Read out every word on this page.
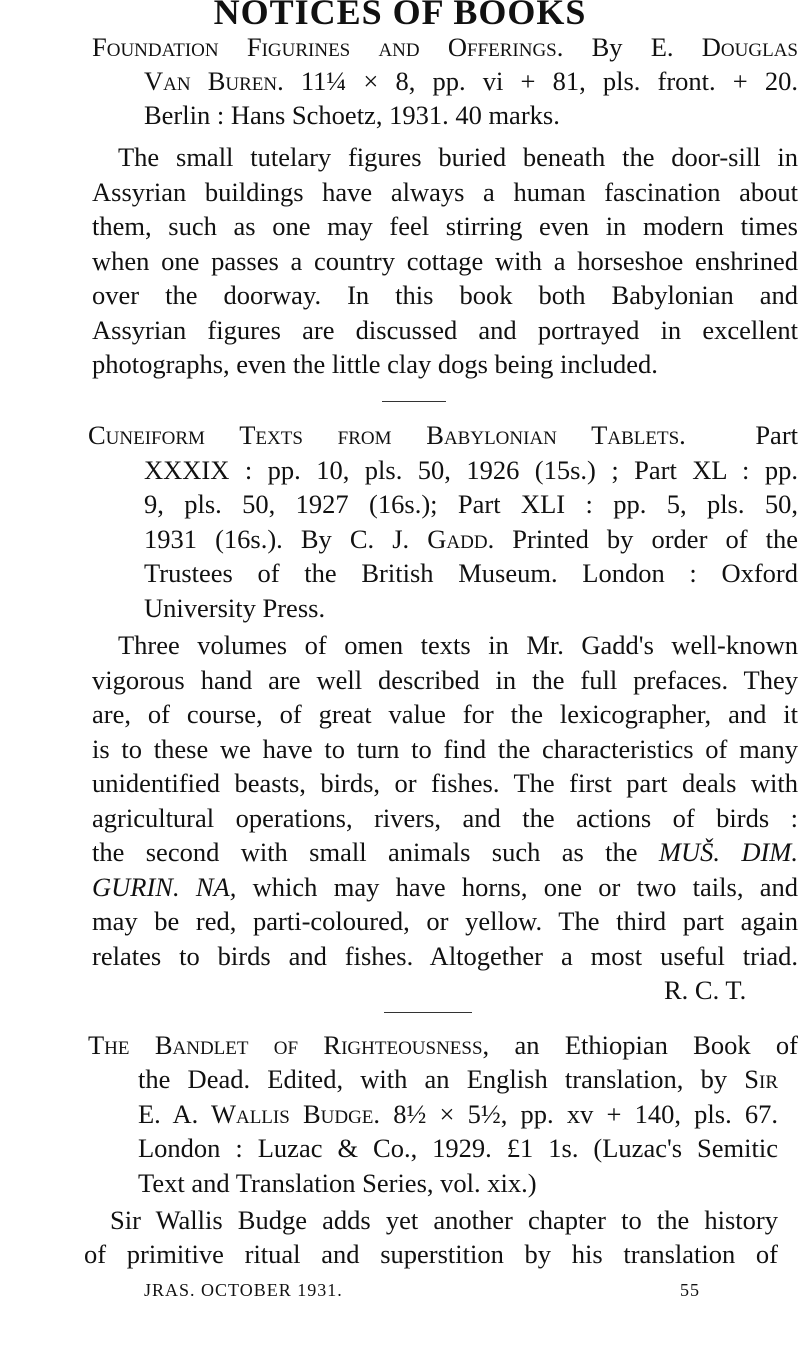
NOTICES OF BOOKS
Foundation Figurines and Offerings. By E. Douglas
Van Buren. 11¼ × 8, pp. vi + 81, pls. front. + 20.
Berlin : Hans Schoetz, 1931. 40 marks.
The small tutelary figures buried beneath the door-sill in
Assyrian buildings have always a human fascination about
them, such as one may feel stirring even in modern times
when one passes a country cottage with a horseshoe enshrined
over the doorway. In this book both Babylonian and
Assyrian figures are discussed and portrayed in excellent
photographs, even the little clay dogs being included.
Cuneiform Texts from Babylonian Tablets.	Part
XXXIX : pp. 10, pls. 50, 1926 (15s.) ; Part XL : pp.
9, pls. 50, 1927 (16s.); Part XLI : pp. 5, pls. 50,
1931 (16s.). By C. J. Gadd. Printed by order of the
Trustees of the British Museum. London : Oxford
University Press.
Three volumes of omen texts in Mr. Gadd's well-known
vigorous hand are well described in the full prefaces. They
are, of course, of great value for the lexicographer, and it
is to these we have to turn to find the characteristics of many
unidentified beasts, birds, or fishes. The first part deals with
agricultural operations, rivers, and the actions of birds :
the second with small animals such as the MUŠ. DIM.
GURIN. NA, which may have horns, one or two tails, and
may be red, parti-coloured, or yellow. The third part again
relates to birds and fishes. Altogether a most useful triad.
R. C. T.
The Bandlet of Righteousness, an Ethiopian Book of
the Dead. Edited, with an English translation, by Sir
E. A. Wallis Budge. 8½ × 5½, pp. xv + 140, pls. 67.
London : Luzac & Co., 1929. £1 1s. (Luzac's Semitic
Text and Translation Series, vol. xix.)
Sir Wallis Budge adds yet another chapter to the history
of primitive ritual and superstition by his translation of
JRAS. OCTOBER 1931.	55
